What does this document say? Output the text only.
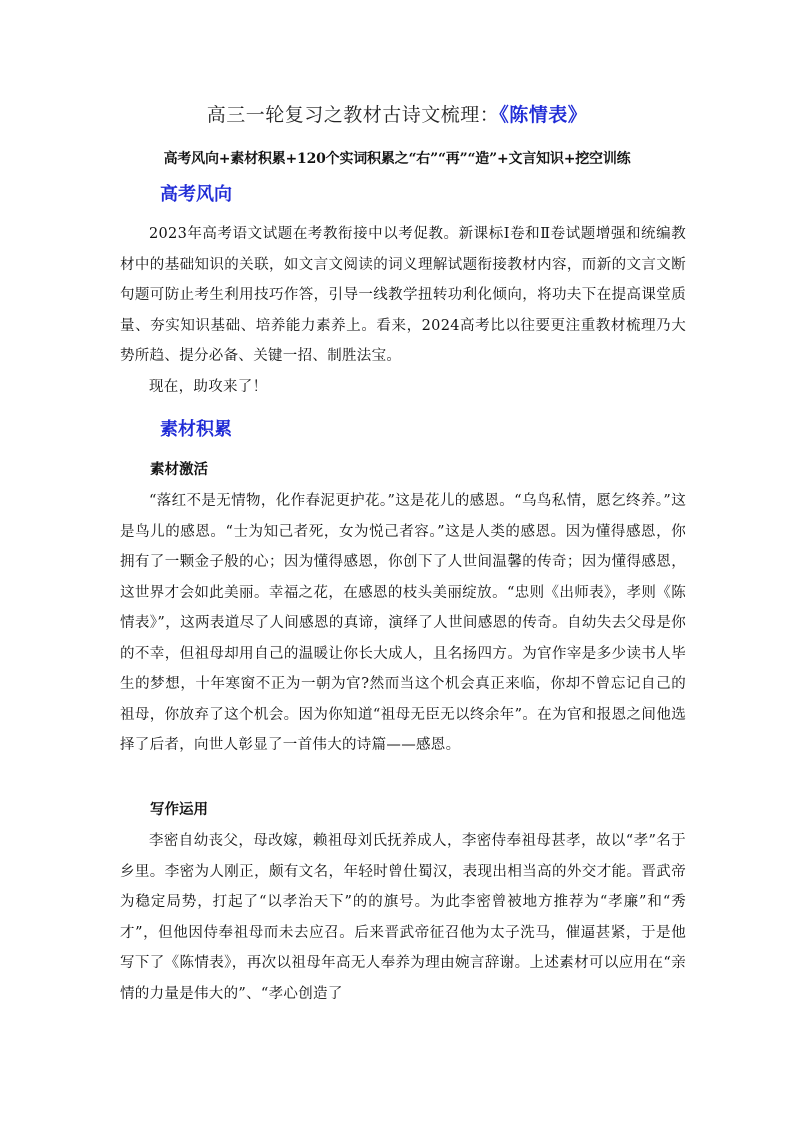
高三一轮复习之教材古诗文梳理：《陈情表》
高考风向+素材积累+120个实词积累之“右”“再”“造”+文言知识+挖空训练
高考风向

2023年高考语文试题在考教衔接中以考促教。新课标Ⅰ卷和Ⅱ卷试题增强和统编教材中的基础知识的关联，如文言文阅读的词义理解试题衔接教材内容，而新的文言文断句题可防止考生利用技巧作答，引导一线教学扭转功利化倾向，将功夫下在提高课堂质量、夯实知识基础、培养能力素养上。看来，2024高考比以往要更注重教材梳理乃大势所趋、提分必备、关键一招、制胜法宝。

现在，助攻来了！

素材积累
素材激活

“落红不是无情物，化作春泥更护花。”这是花儿的感恩。“乌鸟私情，愿乞终养。”这是鸟儿的感恩。“士为知己者死，女为悦己者容。”这是人类的感恩。因为懂得感恩，你拥有了一颗金子般的心；因为懂得感恩，你创下了人世间温馨的传奇；因为懂得感恩，这世界才会如此美丽。幸福之花，在感恩的枝头美丽绽放。“忠则《出师表》，孝则《陈情表》”，这两表道尽了人间感恩的真谛，演绎了人世间感恩的传奇。自幼失去父母是你的不幸，但祖母却用自己的温暖让你长大成人，且名扬四方。为官作宰是多少读书人毕生的梦想，十年寒窗不正为一朝为官?然而当这个机会真正来临，你却不曾忘记自己的祖母，你放弃了这个机会。因为你知道“祖母无臣无以终余年”。在为官和报恩之间他选择了后者，向世人彰显了一首伟大的诗篇——感恩。

写作运用

李密自幼丧父，母改嫁，赖祖母刘氏抚养成人，李密侍奉祖母甚孝，故以“孝”名于乡里。李密为人刚正，颇有文名，年轻时曾仕蜀汉，表现出相当高的外交才能。晋武帝为稳定局势，打起了“以孝治天下”的的旗号。为此李密曾被地方推荐为“孝廉”和“秀才”，但他因侍奉祖母而未去应召。后来晋武帝征召他为太子洗马，催逼甚紧，于是他写下了《陈情表》，再次以祖母年高无人奉养为理由婉言辞谢。上述素材可以应用在“亲情的力量是伟大的”、“孝心创造了
